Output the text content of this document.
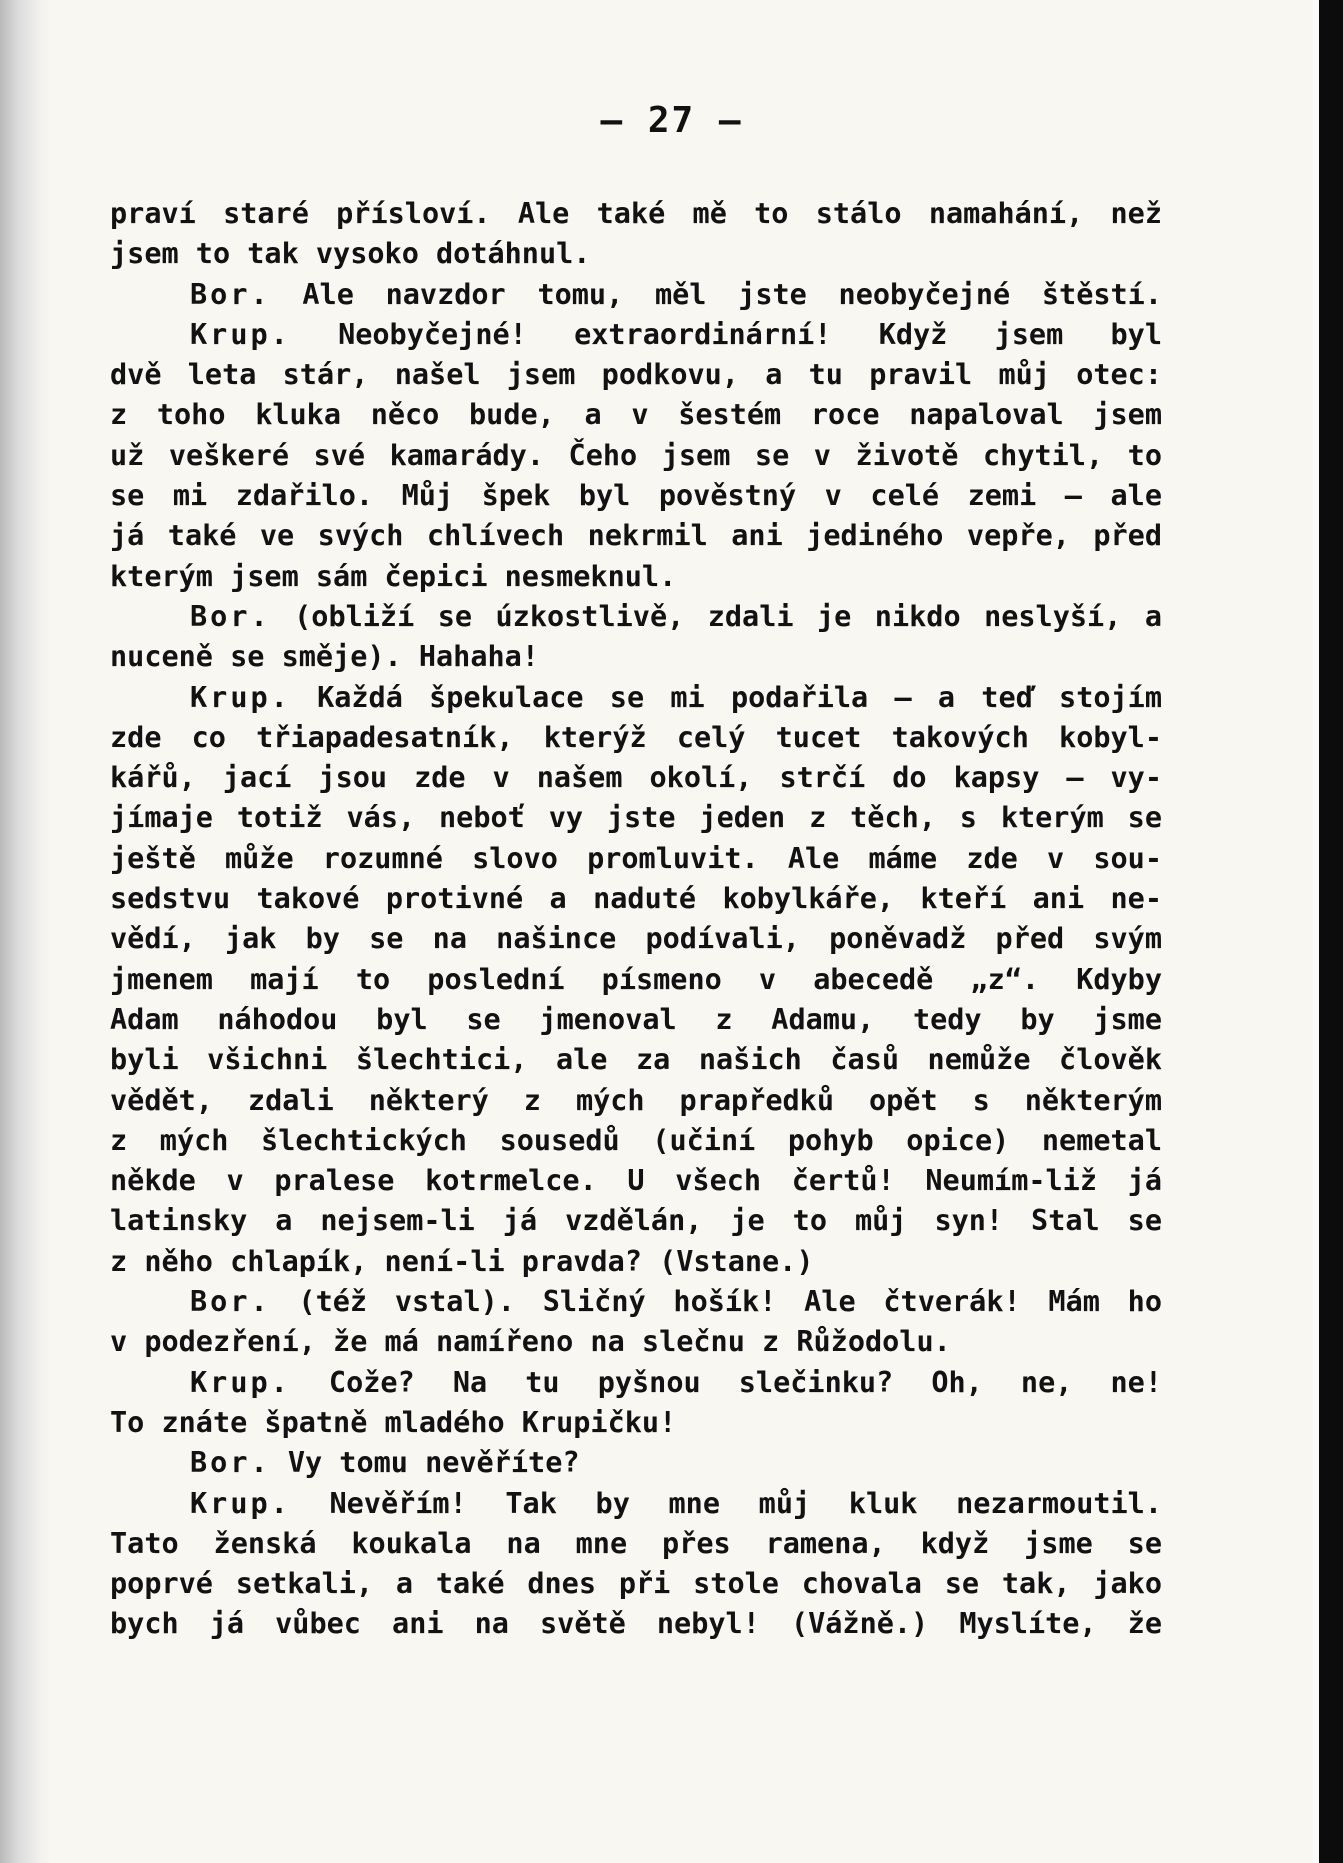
— 27 —
praví staré přísloví. Ale také mě to stálo namahání, než
jsem to tak vysoko dotáhnul.
Bor. Ale navzdor tomu, měl jste neobyčejné štěstí.
Krup. Neobyčejné! extraordinární! Když jsem byl
dvě leta stár, našel jsem podkovu, a tu pravil můj otec:
z toho kluka něco bude, a v šestém roce napaloval jsem
už veškeré své kamarády. Čeho jsem se v životě chytil, to
se mi zdařilo. Můj špek byl pověstný v celé zemi — ale
já také ve svých chlívech nekrmil ani jediného vepře, před
kterým jsem sám čepici nesmeknul.
Bor. (obliží se úzkostlivě, zdali je nikdo neslyší, a
nuceně se směje). Hahaha!
Krup. Každá špekulace se mi podařila — a teď stojím
zde co třiapadesatník, kterýž celý tucet takových kobyl-
kářů, jací jsou zde v našem okolí, strčí do kapsy — vy-
jímaje totiž vás, neboť vy jste jeden z těch, s kterým se
ještě může rozumné slovo promluvit. Ale máme zde v sou-
sedstvu takové protivné a naduté kobylkáře, kteří ani ne-
vědí, jak by se na našince podívali, poněvadž před svým
jmenem mají to poslední písmeno v abecedě „z“. Kdyby
Adam náhodou byl se jmenoval z Adamu, tedy by jsme
byli všichni šlechtici, ale za našich časů nemůže člověk
vědět, zdali některý z mých prapředků opět s některým
z mých šlechtických sousedů (učiní pohyb opice) nemetal
někde v pralese kotrmelce. U všech čertů! Neumím-liž já
latinsky a nejsem-li já vzdělán, je to můj syn! Stal se
z něho chlapík, není-li pravda? (Vstane.)
Bor. (též vstal). Sličný hošík! Ale čtverák! Mám ho
v podezření, že má namířeno na slečnu z Růžodolu.
Krup. Cože? Na tu pyšnou slečinku? Oh, ne, ne!
To znáte špatně mladého Krupičku!
Bor. Vy tomu nevěříte?
Krup. Nevěřím! Tak by mne můj kluk nezarmoutil.
Tato ženská koukala na mne přes ramena, když jsme se
poprvé setkali, a také dnes při stole chovala se tak, jako
bych já vůbec ani na světě nebyl! (Vážně.) Myslíte, že
